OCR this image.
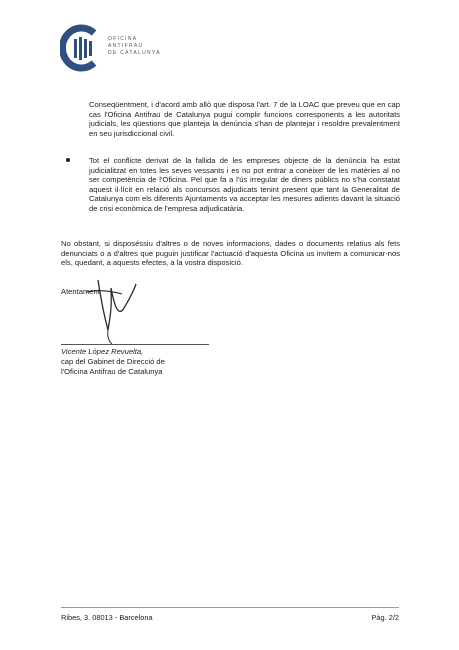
OFICINA
ANTIFRAU
DE CATALUNYA
Conseqüentment, i d'acord amb allò que disposa l'art. 7 de la LOAC que preveu que en cap cas l'Oficina Antifrau de Catalunya pugui complir funcions corresponents a les autoritats judicials, les qüestions que planteja la denúncia s'han de plantejar i resoldre prevalentment en seu jurisdiccional civil.
Tot el conflicte derivat de la fallida de les empreses objecte de la denúncia ha estat judicialitzat en totes les seves vessants i es no pot entrar a conèixer de les matèries al no ser competència de l'Oficina. Pel que fa a l'ús irregular de diners públics no s'ha constatat aquest il·lícit en relació als concursos adjudicats tenint present que tant la Generalitat de Catalunya com els diferents Ajuntaments va acceptar les mesures adients davant la situació de crisi econòmica de l'empresa adjudicatària.
No obstant, si disposéssiu d'altres o de noves informacions, dades o documents relatius als fets denunciats o a d'altres que puguin justificar l'actuació d'aquesta Oficina us invitem a comunicar-nos els, quedant, a aquests efectes, a la vostra disposició.
Atentament
Vicente López Revuelta,
cap del Gabinet de Direcció de
l'Oficina Antifrau de Catalunya
Ribes, 3. 08013 - Barcelona	Pàg. 2/2
